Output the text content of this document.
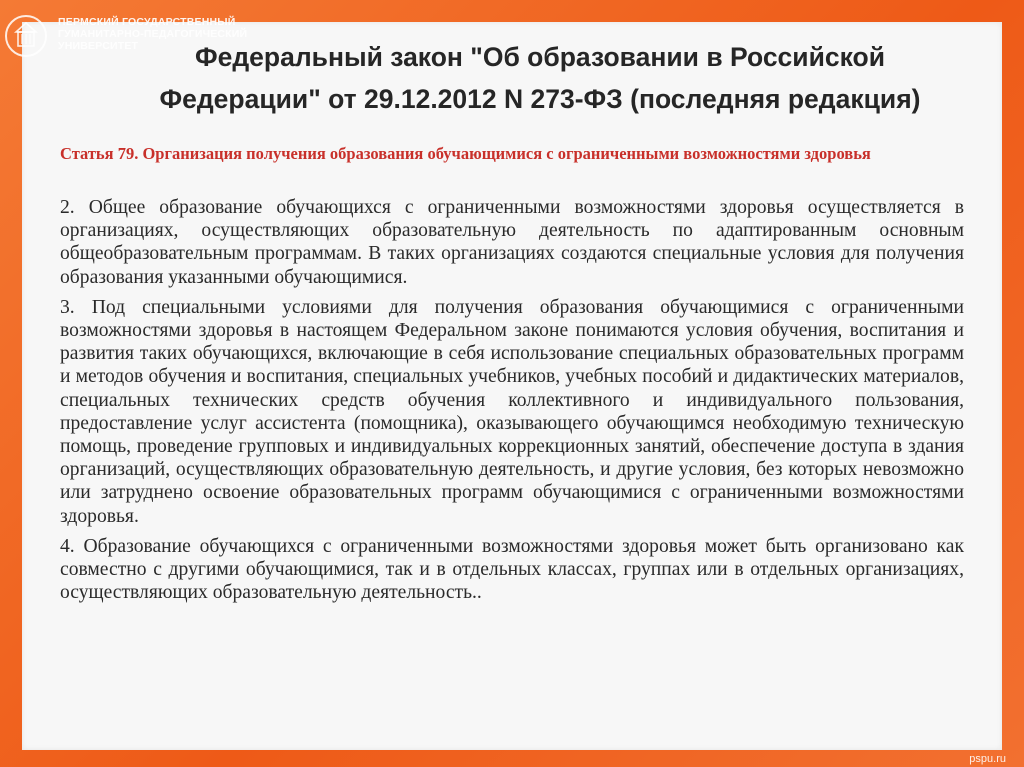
ПЕРМСКИЙ ГОСУДАРСТВЕННЫЙ
ГУМАНИТАРНО-ПЕДАГОГИЧЕСКИЙ
УНИВЕРСИТЕТ	Федеральный закон "Об образовании в Российской
Федерации" от 29.12.2012 N 273-ФЗ (последняя редакция)
Статья 79. Организация получения образования обучающимися с ограниченными возможностями здоровья

2. Общее образование обучающихся с ограниченными возможностями здоровья осуществляется в организациях, осуществляющих образовательную деятельность по адаптированным основным общеобразовательным программам. В таких организациях создаются специальные условия для получения образования указанными обучающимися.

3. Под специальными условиями для получения образования обучающимися с ограниченными возможностями здоровья в настоящем Федеральном законе понимаются условия обучения, воспитания и развития таких обучающихся, включающие в себя использование специальных образовательных программ и методов обучения и воспитания, специальных учебников, учебных пособий и дидактических материалов, специальных технических средств обучения коллективного и индивидуального пользования, предоставление услуг ассистента (помощника), оказывающего обучающимся необходимую техническую помощь, проведение групповых и индивидуальных коррекционных занятий, обеспечение доступа в здания организаций, осуществляющих образовательную деятельность, и другие условия, без которых невозможно или затруднено освоение образовательных программ обучающимися с ограниченными возможностями здоровья.

4. Образование обучающихся с ограниченными возможностями здоровья может быть организовано как совместно с другими обучающимися, так и в отдельных классах, группах или в отдельных организациях, осуществляющих образовательную деятельность..

pspu.ru
